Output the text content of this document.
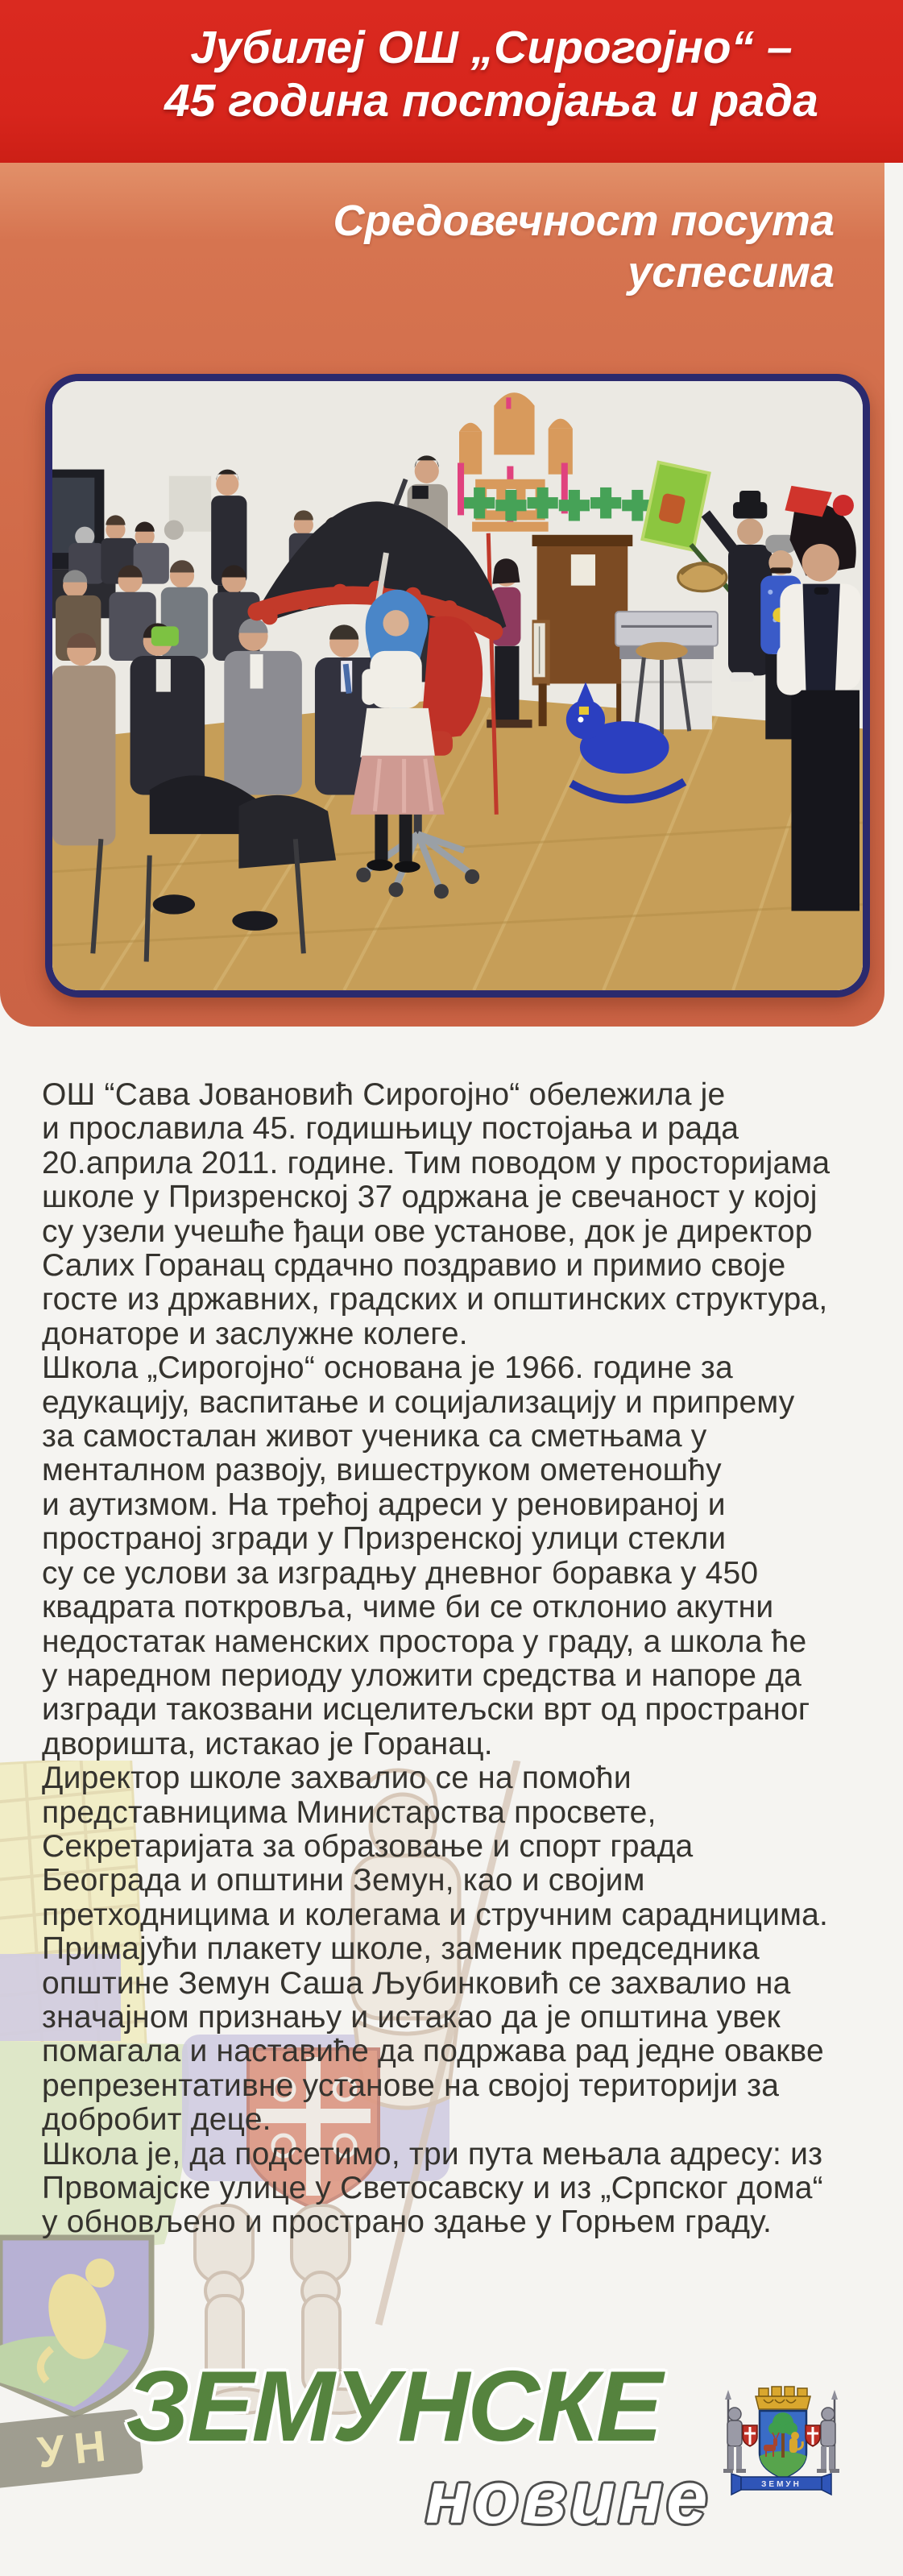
Јубилеј ОШ „Сирогојно“ –
45 година постојања и рада
Средовечност посута
успесима
ОШ “Сава Јовановић Сирогојно“ обележила је
и прославила 45. годишњицу постојања и рада
20.априла 2011. године. Тим поводом у просторијама
школе у Призренској 37 одржана је свечаност у којој
су узели учешће ђаци ове установе, док је директор
Салих Горанац срдачно поздравио и примио своје
госте из државних, градских и општинских структура,
донаторе и заслужне колеге.
Школа „Сирогојно“ основана је 1966. године за
едукацију, васпитање и социјализацију и припрему
за самосталан живот ученика са сметњама у
менталном развоју, вишеструком ометеношћу
и аутизмом. На трећој адреси у реновираној и
пространој згради у Призренској улици стекли
су се услови за изградњу дневног боравка у 450
квадрата поткровља, чиме би се отклонио акутни
недостатак наменских простора у граду, а школа ће
у наредном периоду уложити средства и напоре да
изгради такозвани исцелитељски врт од пространог
дворишта, истакао је Горанац.
Директор школе захвалио се на помоћи
представницима Министарства просвете,
Секретаријата за образовање и спорт града
Београда и општини Земун, као и својим
претходницима и колегама и стручним сарадницима.
Примајући плакету школе, заменик председника
општине Земун Саша Љубинковић се захвалио на
значајном признању и истакао да је општина увек
помагала и наставиће да подржава рад једне овакве
репрезентативне установе на својој територији за
добробит деце.
Школа је, да подсетимо, три пута мењала адресу: из
Првомајске улице у Светосавску и из „Српског дома“
у обновљено и пространо здање у Горњем граду.
УН ЗЕМУНСКЕ
новине	ЗЕМУН
